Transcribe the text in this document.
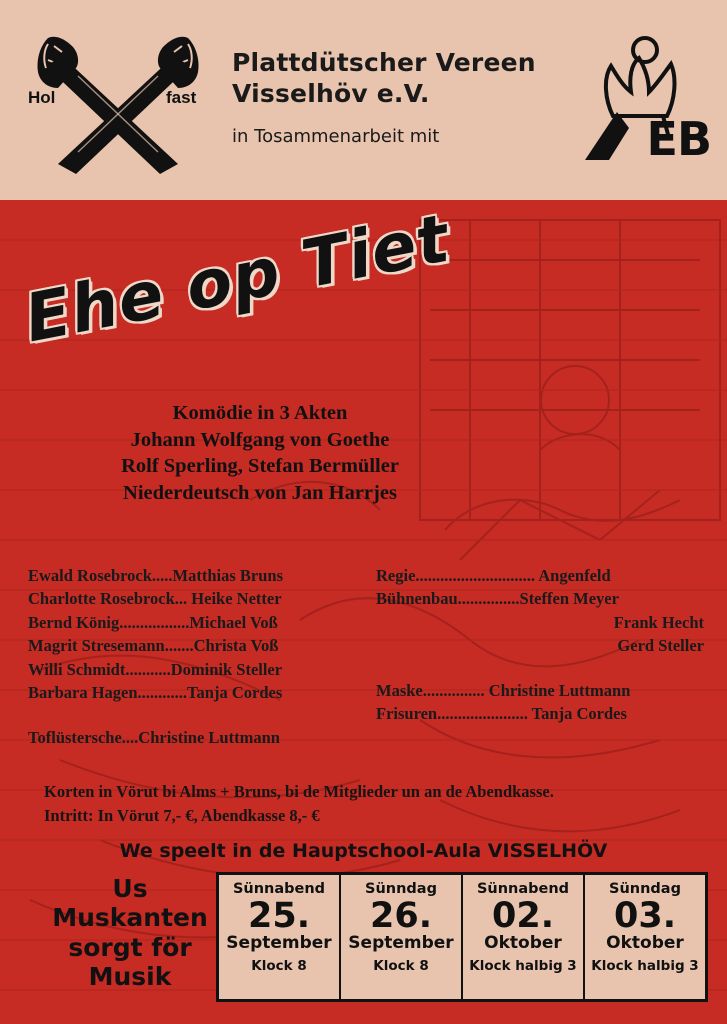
Hol	fast
Plattdütscher Vereen
Visselhöv e.V.
in Tosammenarbeit mit	EB
Ehe op Tiet
Komödie in 3 Akten
Johann Wolfgang von Goethe
Rolf Sperling, Stefan Bermüller
Niederdeutsch von Jan Harrjes
Ewald Rosebrock.....Matthias Bruns
Charlotte Rosebrock... Heike Netter
Bernd König.................Michael Voß
Magrit Stresemann.......Christa Voß
Willi Schmidt...........Dominik Steller
Barbara Hagen............Tanja Cordes
Toflüstersche....Christine Luttmann
Regie............................. Angenfeld
Bühnenbau...............Steffen Meyer
Frank Hecht
Gerd Steller
Maske............... Christine Luttmann
Frisuren...................... Tanja Cordes
Korten in Vörut bi Alms + Bruns, bi de Mitglieder un an de Abendkasse.
Intritt: In Vörut 7,- €, Abendkasse 8,- €
We speelt in de Hauptschool-Aula VISSELHÖV
Us Muskanten sorgt för Musik
Sünnabend
25.
September
Klock 8
Sünndag
26.
September
Klock 8
Sünnabend
02.
Oktober
Klock halbig 3
Sünndag
03.
Oktober
Klock halbig 3
